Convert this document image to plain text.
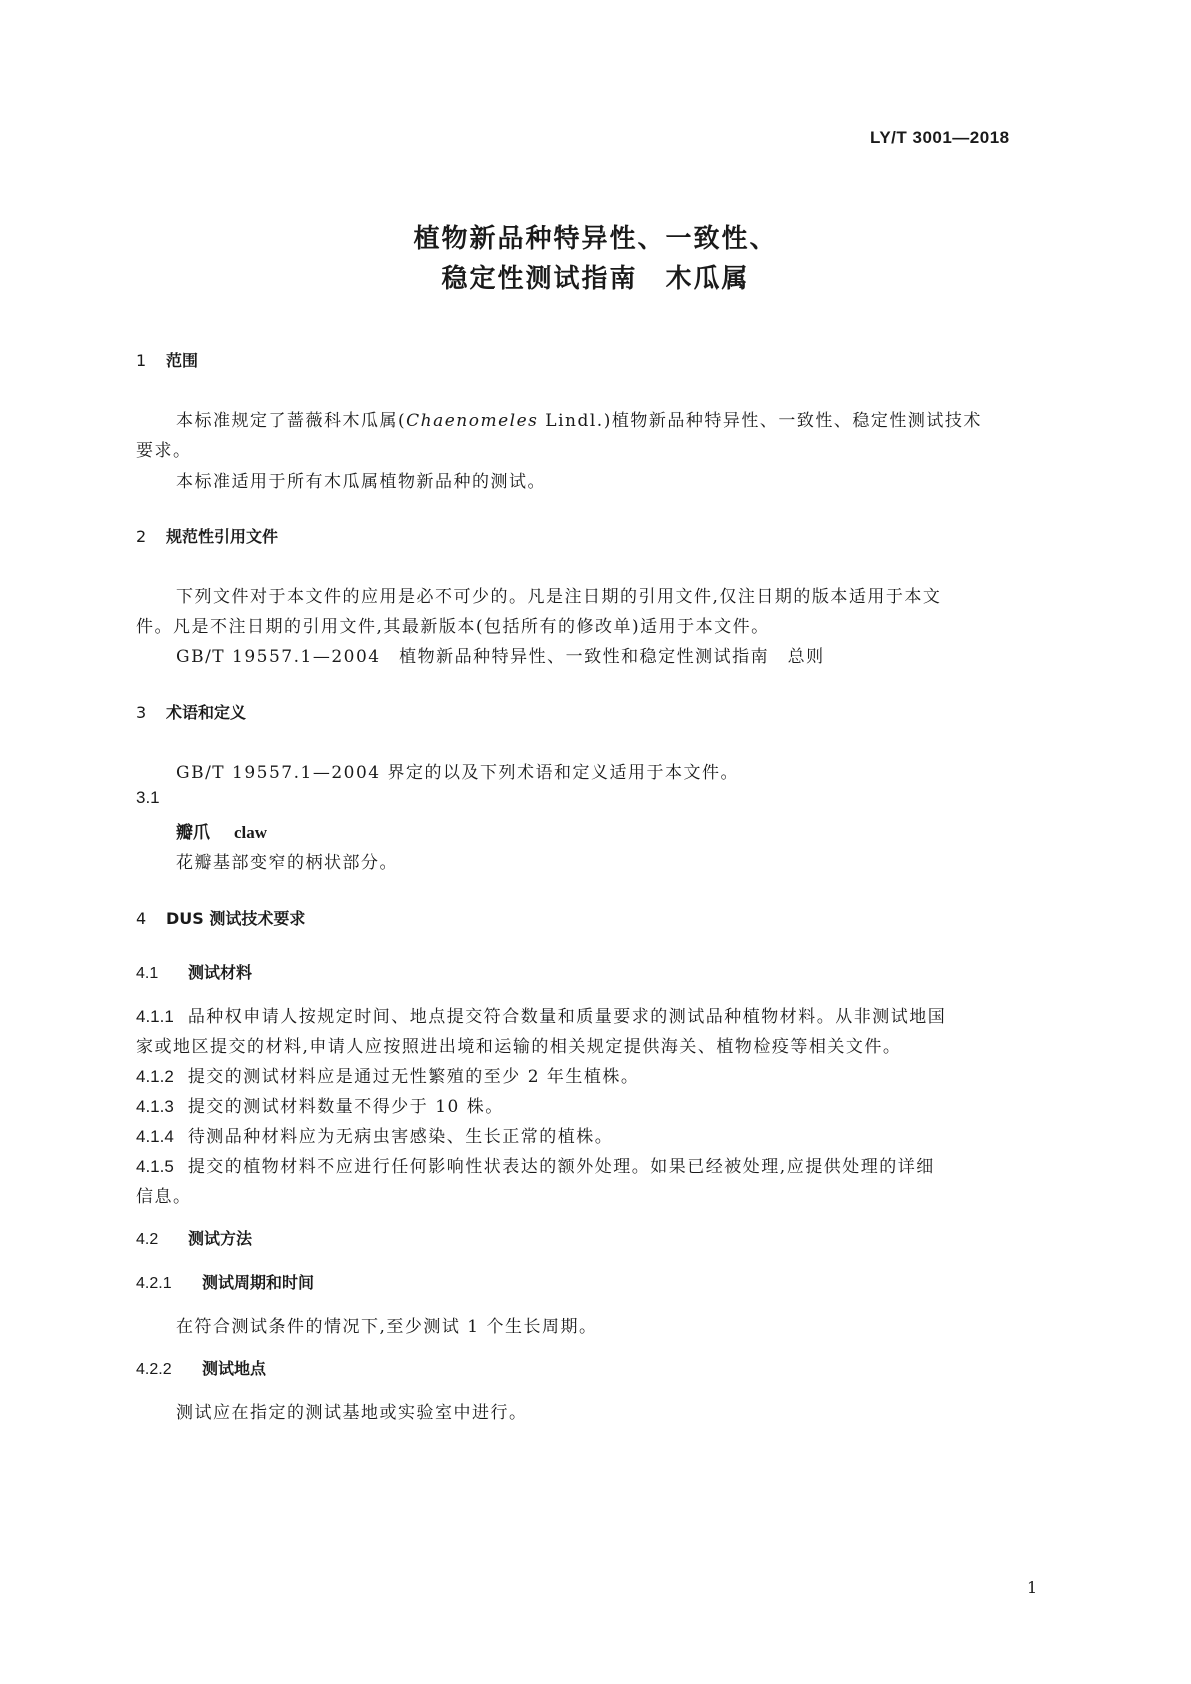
LY/T 3001—2018
植物新品种特异性、一致性、
稳定性测试指南　木瓜属
1 范围
本标准规定了蔷薇科木瓜属(Chaenomeles Lindl.)植物新品种特异性、一致性、稳定性测试技术
要求。
本标准适用于所有木瓜属植物新品种的测试。
2 规范性引用文件
下列文件对于本文件的应用是必不可少的。凡是注日期的引用文件,仅注日期的版本适用于本文
件。凡是不注日期的引用文件,其最新版本(包括所有的修改单)适用于本文件。
GB/T 19557.1—2004　植物新品种特异性、一致性和稳定性测试指南　总则
3 术语和定义
GB/T 19557.1—2004 界定的以及下列术语和定义适用于本文件。
3.1
瓣爪 claw
花瓣基部变窄的柄状部分。
4 DUS 测试技术要求
4.1 测试材料
4.1.1 品种权申请人按规定时间、地点提交符合数量和质量要求的测试品种植物材料。从非测试地国
家或地区提交的材料,申请人应按照进出境和运输的相关规定提供海关、植物检疫等相关文件。
4.1.2 提交的测试材料应是通过无性繁殖的至少 2 年生植株。
4.1.3 提交的测试材料数量不得少于 10 株。
4.1.4 待测品种材料应为无病虫害感染、生长正常的植株。
4.1.5 提交的植物材料不应进行任何影响性状表达的额外处理。如果已经被处理,应提供处理的详细
信息。
4.2 测试方法
4.2.1 测试周期和时间
在符合测试条件的情况下,至少测试 1 个生长周期。
4.2.2 测试地点
测试应在指定的测试基地或实验室中进行。
1
